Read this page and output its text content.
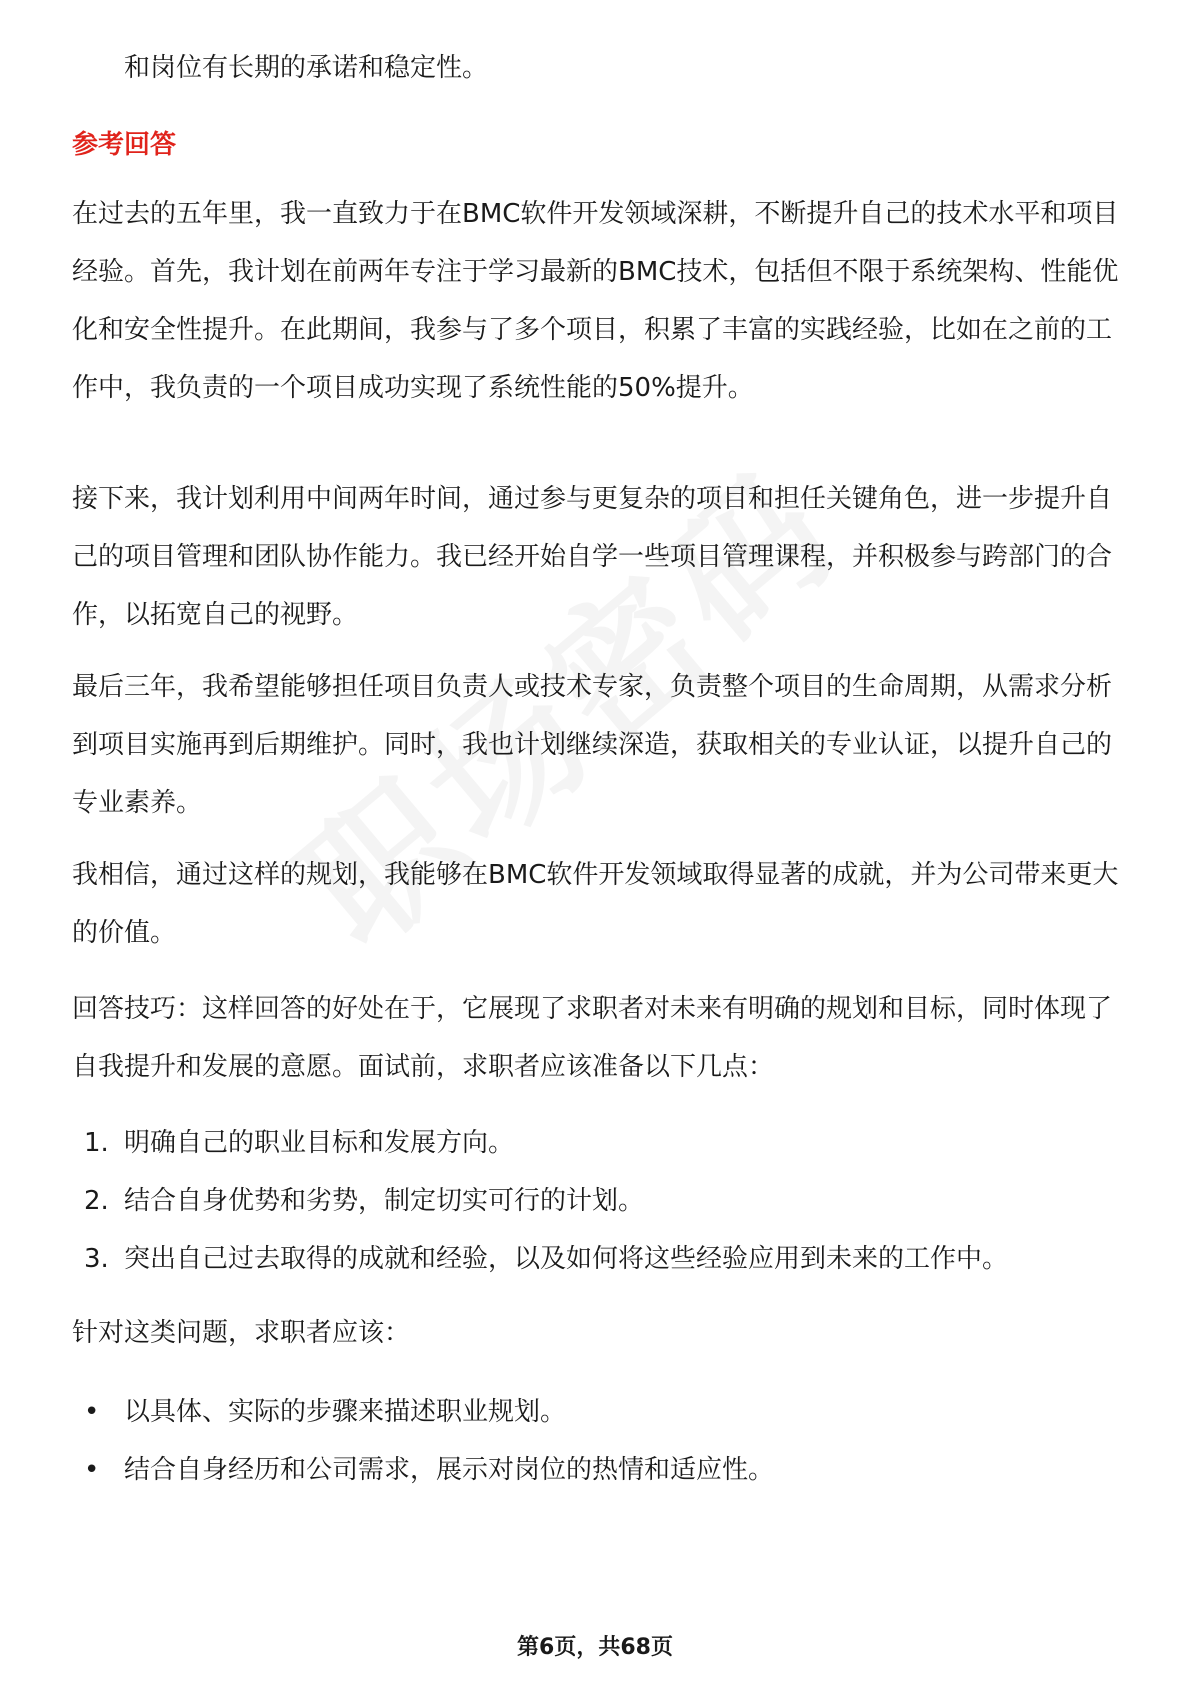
和岗位有长期的承诺和稳定性。
参考回答
在过去的五年里，我一直致力于在BMC软件开发领域深耕，不断提升自己的技术水平和项目经验。首先，我计划在前两年专注于学习最新的BMC技术，包括但不限于系统架构、性能优化和安全性提升。在此期间，我参与了多个项目，积累了丰富的实践经验，比如在之前的工作中，我负责的一个项目成功实现了系统性能的50%提升。
接下来，我计划利用中间两年时间，通过参与更复杂的项目和担任关键角色，进一步提升自己的项目管理和团队协作能力。我已经开始自学一些项目管理课程，并积极参与跨部门的合作，以拓宽自己的视野。
最后三年，我希望能够担任项目负责人或技术专家，负责整个项目的生命周期，从需求分析到项目实施再到后期维护。同时，我也计划继续深造，获取相关的专业认证，以提升自己的专业素养。
我相信，通过这样的规划，我能够在BMC软件开发领域取得显著的成就，并为公司带来更大的价值。
回答技巧：这样回答的好处在于，它展现了求职者对未来有明确的规划和目标，同时体现了自我提升和发展的意愿。面试前，求职者应该准备以下几点：
1. 明确自己的职业目标和发展方向。
2. 结合自身优势和劣势，制定切实可行的计划。
3. 突出自己过去取得的成就和经验，以及如何将这些经验应用到未来的工作中。
针对这类问题，求职者应该：
• 以具体、实际的步骤来描述职业规划。
• 结合自身经历和公司需求，展示对岗位的热情和适应性。
第6页，共68页
